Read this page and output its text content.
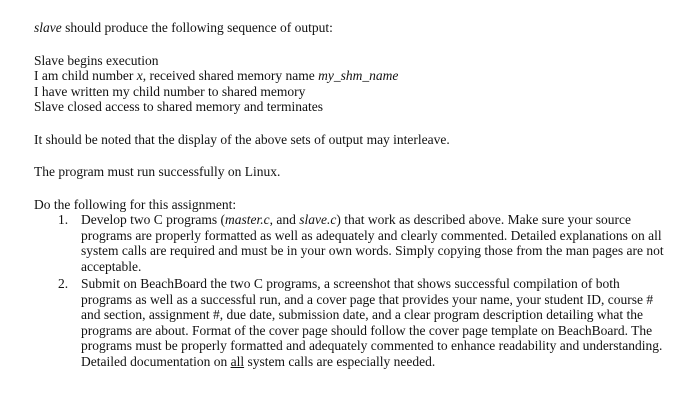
slave should produce the following sequence of output:

Slave begins execution
I am child number x, received shared memory name my_shm_name
I have written my child number to shared memory
Slave closed access to shared memory and terminates

It should be noted that the display of the above sets of output may interleave.

The program must run successfully on Linux.

Do the following for this assignment:

1. Develop two C programs (master.c, and slave.c) that work as described above. Make sure your source programs are properly formatted as well as adequately and clearly commented. Detailed explanations on all system calls are required and must be in your own words. Simply copying those from the man pages are not acceptable.
2. Submit on BeachBoard the two C programs, a screenshot that shows successful compilation of both programs as well as a successful run, and a cover page that provides your name, your student ID, course # and section, assignment #, due date, submission date, and a clear program description detailing what the programs are about. Format of the cover page should follow the cover page template on BeachBoard. The programs must be properly formatted and adequately commented to enhance readability and understanding. Detailed documentation on all system calls are especially needed.
